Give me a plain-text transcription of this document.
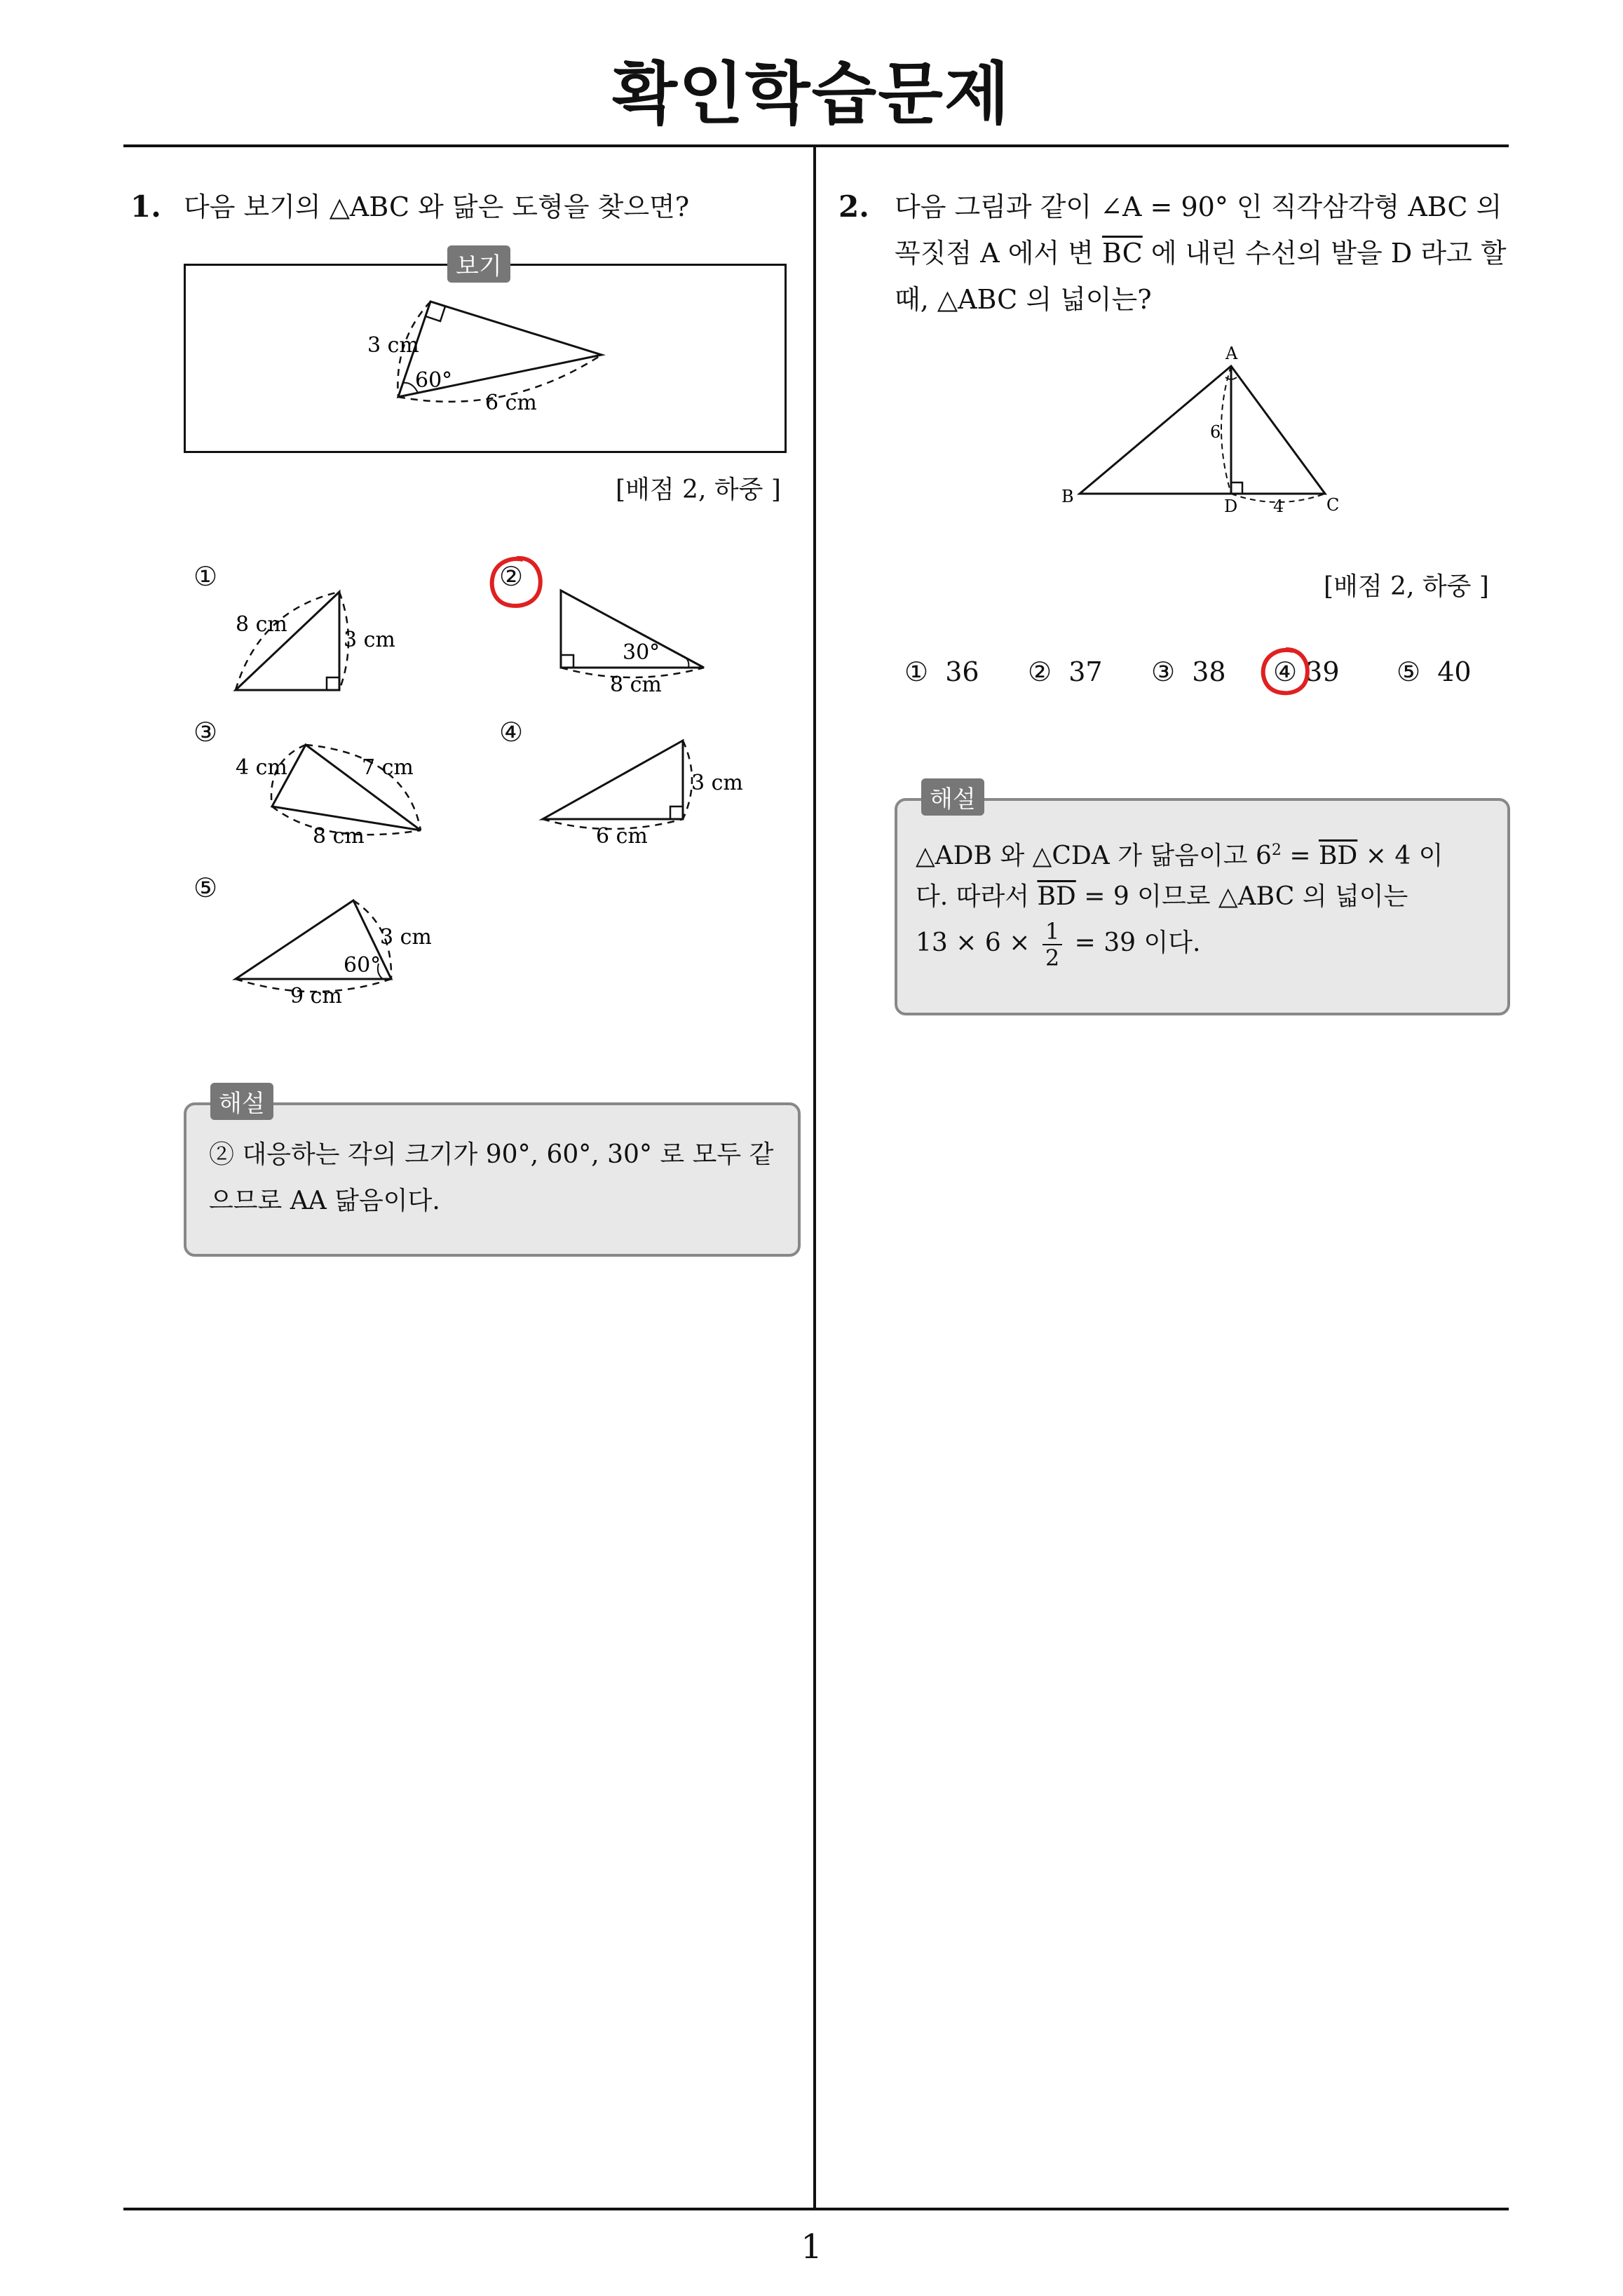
확인학습문제
1
1. 다음 보기의 △ABC 와 닮은 도형을 찾으면?
보기
3 cm
60°
6 cm
[배점 2, 하중 ]
①
8 cm
3 cm
②
30°
8 cm
③
4 cm	7 cm
8 cm
④
3 cm
6 cm
⑤
3 cm
60°
9 cm
해설
② 대응하는 각의 크기가 90°, 60°, 30° 로 모두 같
으므로 AA 닮음이다.
2. 다음 그림과 같이 ∠A = 90° 인 직각삼각형 ABC 의
꼭짓점 A 에서 변 $\overline{BC}$ 에 내린 수선의 발을 D 라고 할
때, △ABC 의 넓이는?
A
B	C
D
6
4
[배점 2, 하중 ]
① 36 ② 37 ③ 38 ④ 39 ⑤ 40
해설
△ADB 와 △CDA 가 닮음이고 $6^2 = \overline{BD} \times 4$ 이
다. 따라서 $\overline{BD} = 9$ 이므로 △ABC 의 넓이는
$13 \times 6 \times \frac{1}{2} = 39$ 이다.
